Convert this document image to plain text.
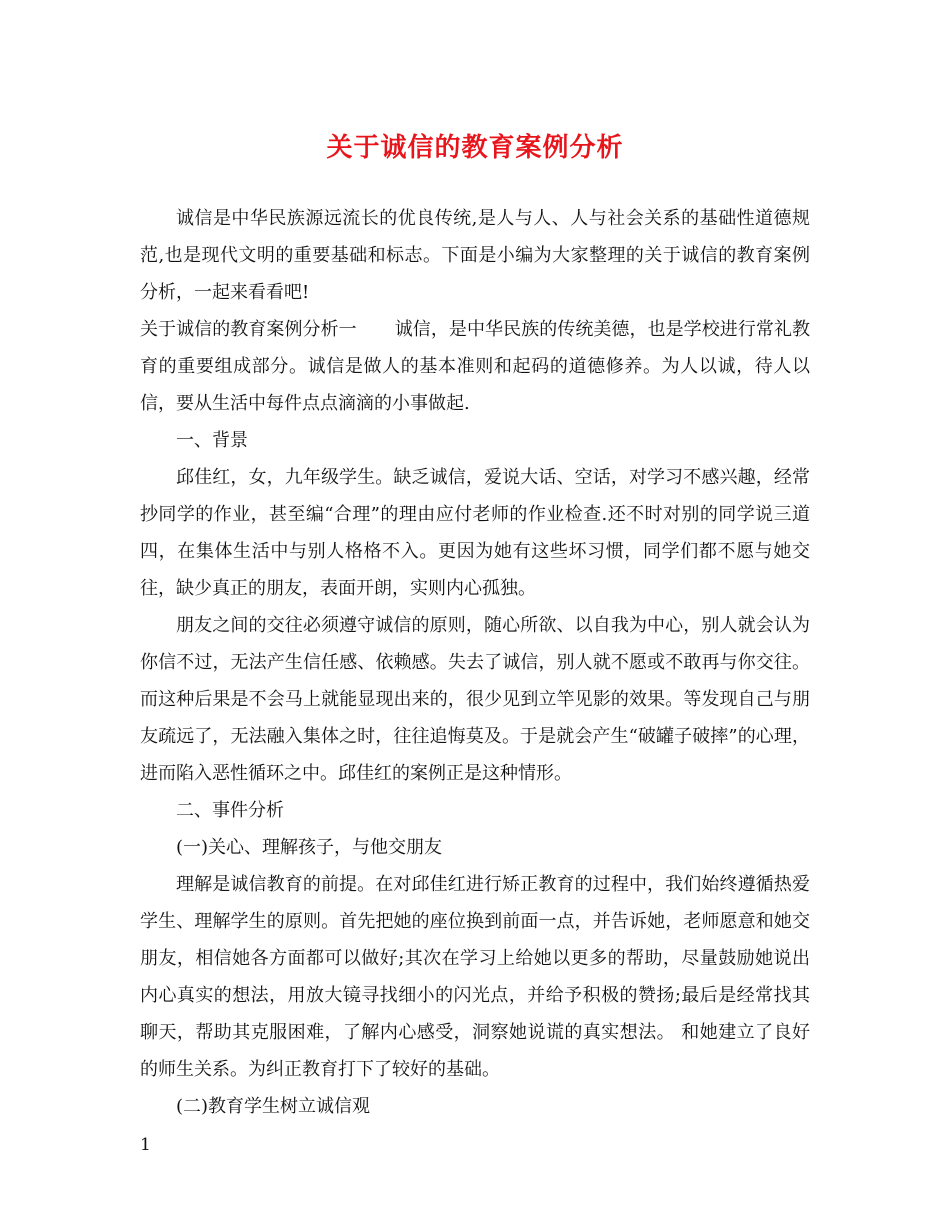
关于诚信的教育案例分析

诚信是中华民族源远流长的优良传统,是人与人、人与社会关系的基础性道德规范,也是现代文明的重要基础和标志。下面是小编为大家整理的关于诚信的教育案例分析，一起来看看吧!

关于诚信的教育案例分析一 诚信，是中华民族的传统美德，也是学校进行常礼教育的重要组成部分。诚信是做人的基本准则和起码的道德修养。为人以诚，待人以信，要从生活中每件点点滴滴的小事做起.

一、背景

邱佳红，女，九年级学生。缺乏诚信，爱说大话、空话，对学习不感兴趣，经常抄同学的作业，甚至编“合理”的理由应付老师的作业检查.还不时对别的同学说三道四，在集体生活中与别人格格不入。更因为她有这些坏习惯，同学们都不愿与她交往，缺少真正的朋友，表面开朗，实则内心孤独。

朋友之间的交往必须遵守诚信的原则，随心所欲、以自我为中心，别人就会认为你信不过，无法产生信任感、依赖感。失去了诚信，别人就不愿或不敢再与你交往。而这种后果是不会马上就能显现出来的，很少见到立竿见影的效果。等发现自己与朋友疏远了，无法融入集体之时，往往追悔莫及。于是就会产生“破罐子破摔”的心理，进而陷入恶性循环之中。邱佳红的案例正是这种情形。

二、事件分析

(一)关心、理解孩子，与他交朋友

理解是诚信教育的前提。在对邱佳红进行矫正教育的过程中，我们始终遵循热爱学生、理解学生的原则。首先把她的座位换到前面一点，并告诉她，老师愿意和她交朋友，相信她各方面都可以做好;其次在学习上给她以更多的帮助，尽量鼓励她说出内心真实的想法，用放大镜寻找细小的闪光点，并给予积极的赞扬;最后是经常找其聊天，帮助其克服困难，了解内心感受，洞察她说谎的真实想法。 和她建立了良好的师生关系。为纠正教育打下了较好的基础。

(二)教育学生树立诚信观

1
